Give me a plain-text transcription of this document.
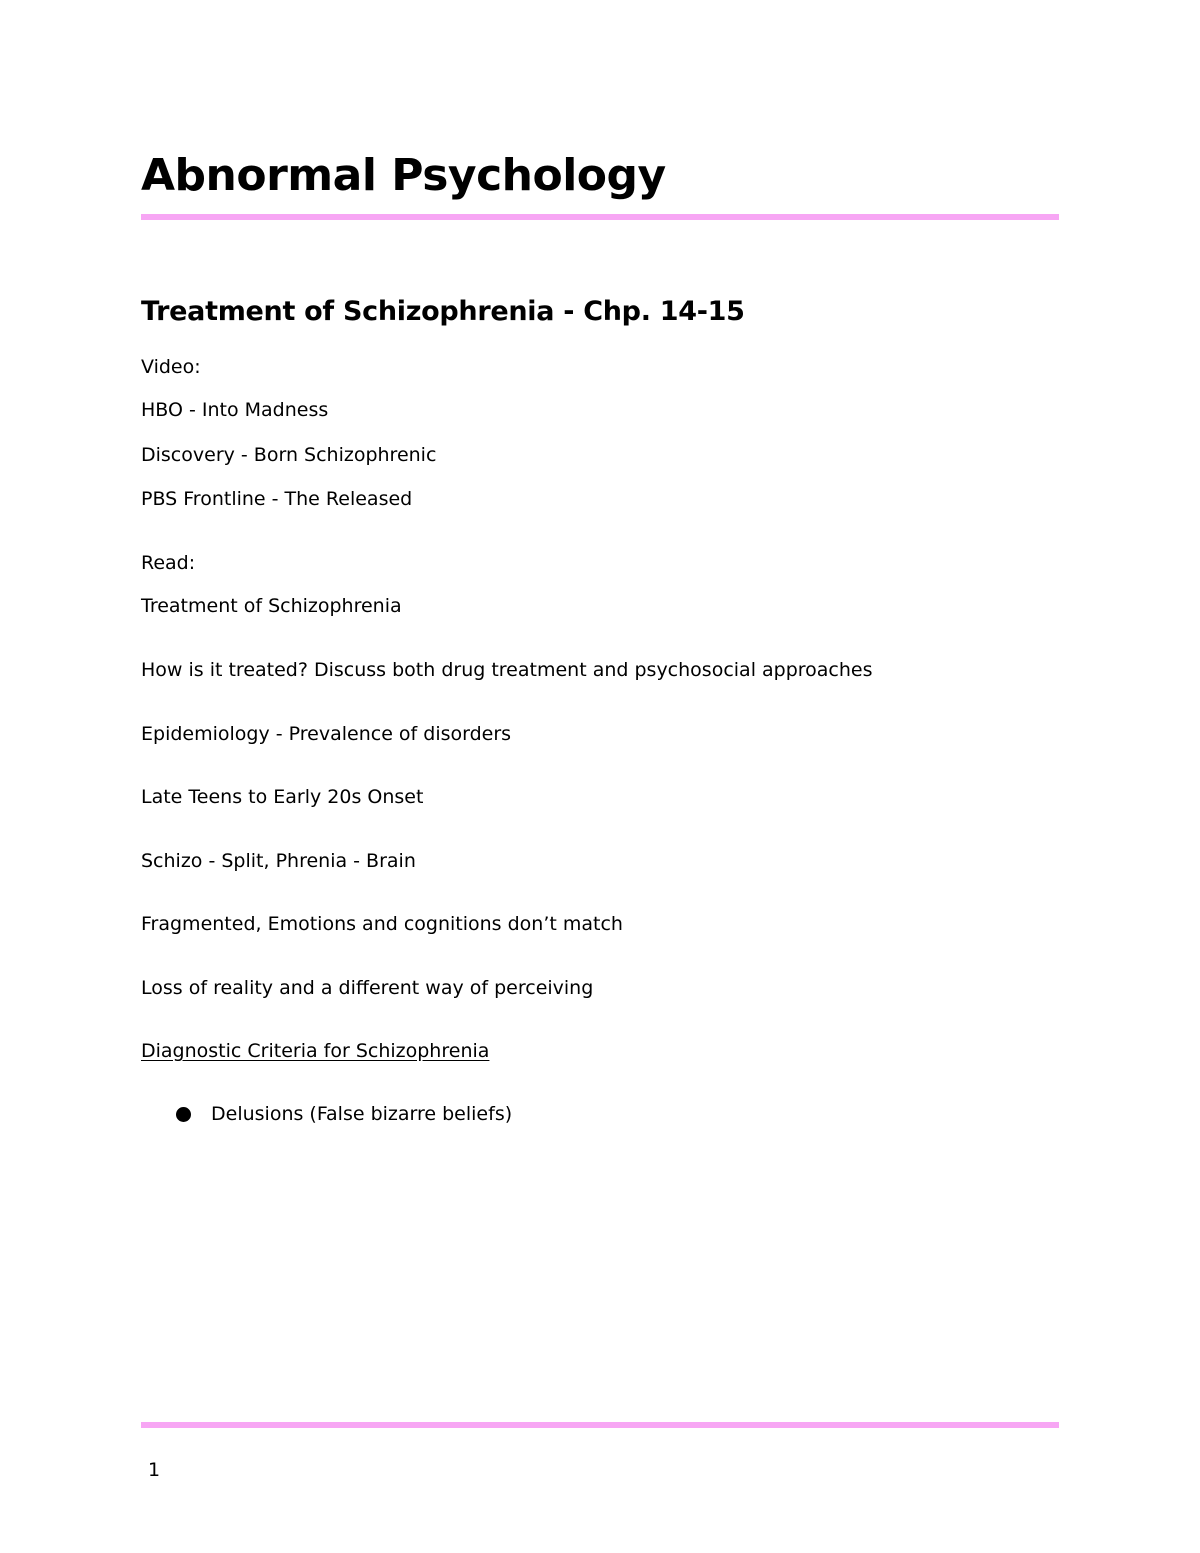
Abnormal Psychology
Treatment of Schizophrenia - Chp. 14-15

Video:

HBO - Into Madness

Discovery - Born Schizophrenic

PBS Frontline - The Released

Read:

Treatment of Schizophrenia

How is it treated? Discuss both drug treatment and psychosocial approaches

Epidemiology - Prevalence of disorders

Late Teens to Early 20s Onset

Schizo - Split, Phrenia - Brain

Fragmented, Emotions and cognitions don’t match

Loss of reality and a different way of perceiving

Diagnostic Criteria for Schizophrenia

Delusions (False bizarre beliefs)
1
